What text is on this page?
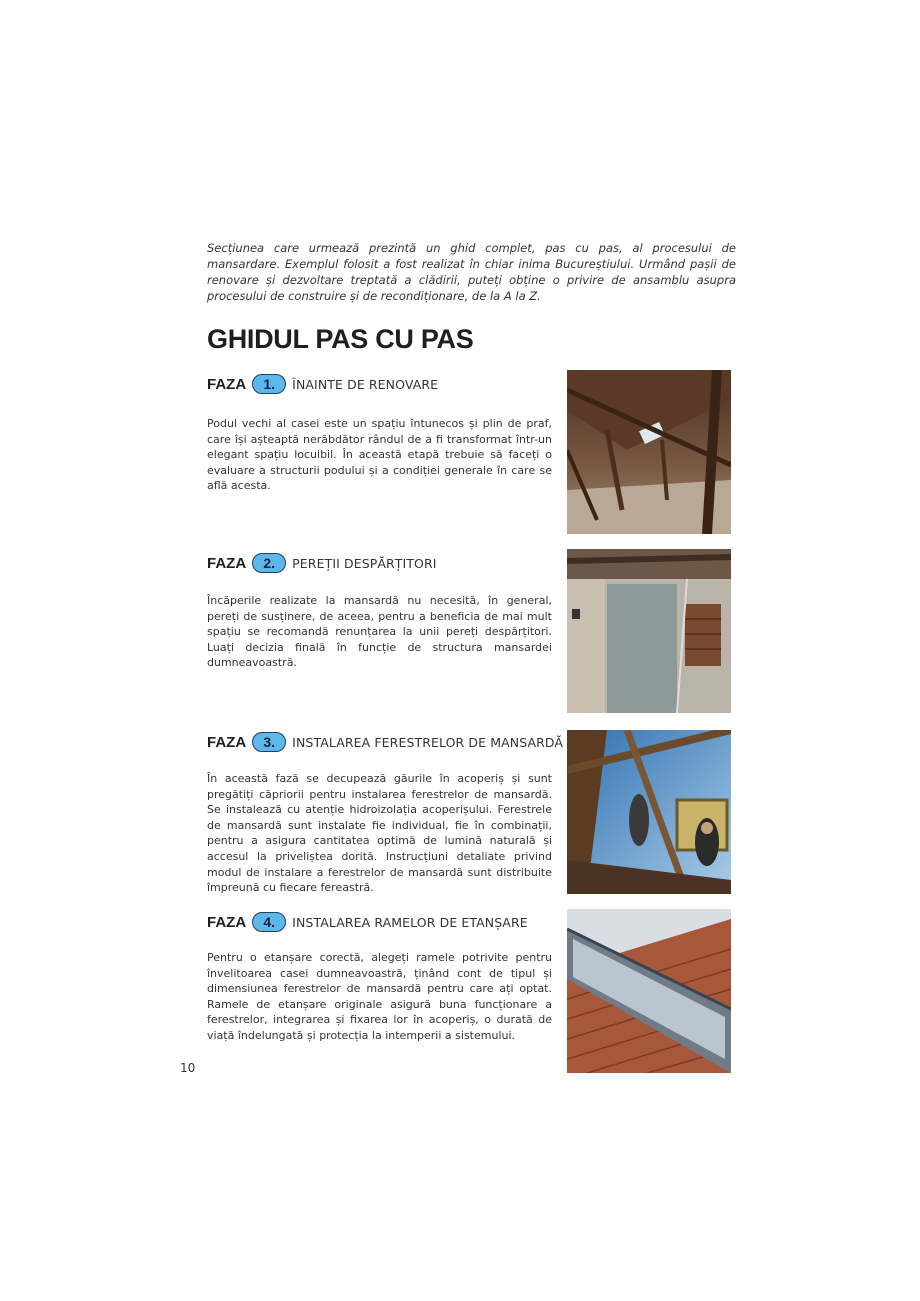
Secțiunea care urmează prezintă un ghid complet, pas cu pas, al procesului de mansardare. Exemplul folosit a fost realizat în chiar inima Bucureștiului. Urmând pașii de renovare și dezvoltare treptată a clădirii, puteți obține o privire de ansamblu asupra procesului de construire și de recondiționare, de la A la Z.

GHIDUL PAS CU PAS
FAZA	1.	ÎNAINTE DE RENOVARE

Podul vechi al casei este un spațiu întunecos și plin de praf, care își așteaptă nerăbdător rândul de a fi transformat într-un elegant spațiu locuibil. În această etapă trebuie să faceți o evaluare a structurii podului și a condiției generale în care se află acesta.

FAZA	2.	PEREȚII DESPĂRȚITORI

Încăperile realizate la mansardă nu necesită, în general, pereți de susținere, de aceea, pentru a beneficia de mai mult spațiu se recomandă renunțarea la unii pereți despărțitori. Luați decizia finală în funcție de structura mansardei dumneavoastră.

FAZA	3.	INSTALAREA FERESTRELOR DE MANSARDĂ

În această fază se decupează găurile în acoperiș și sunt pregătiți căpriorii pentru instalarea ferestrelor de mansardă. Se instalează cu atenție hidroizolația acoperișului. Ferestrele de mansardă sunt instalate fie individual, fie în combinații, pentru a asigura cantitatea optimă de lumină naturală și accesul la priveliștea dorită. Instrucțiuni detaliate privind modul de instalare a ferestrelor de mansardă sunt distribuite împreună cu fiecare fereastră.

FAZA	4.	INSTALAREA RAMELOR DE ETANȘARE

Pentru o etanșare corectă, alegeți ramele potrivite pentru învelitoarea casei dumneavoastră, ținând cont de tipul și dimensiunea ferestrelor de mansardă pentru care ați optat. Ramele de etanșare originale asigură buna funcționare a ferestrelor, integrarea și fixarea lor în acoperiș, o durată de viață îndelungată și protecția la intemperii a sistemului.

10
